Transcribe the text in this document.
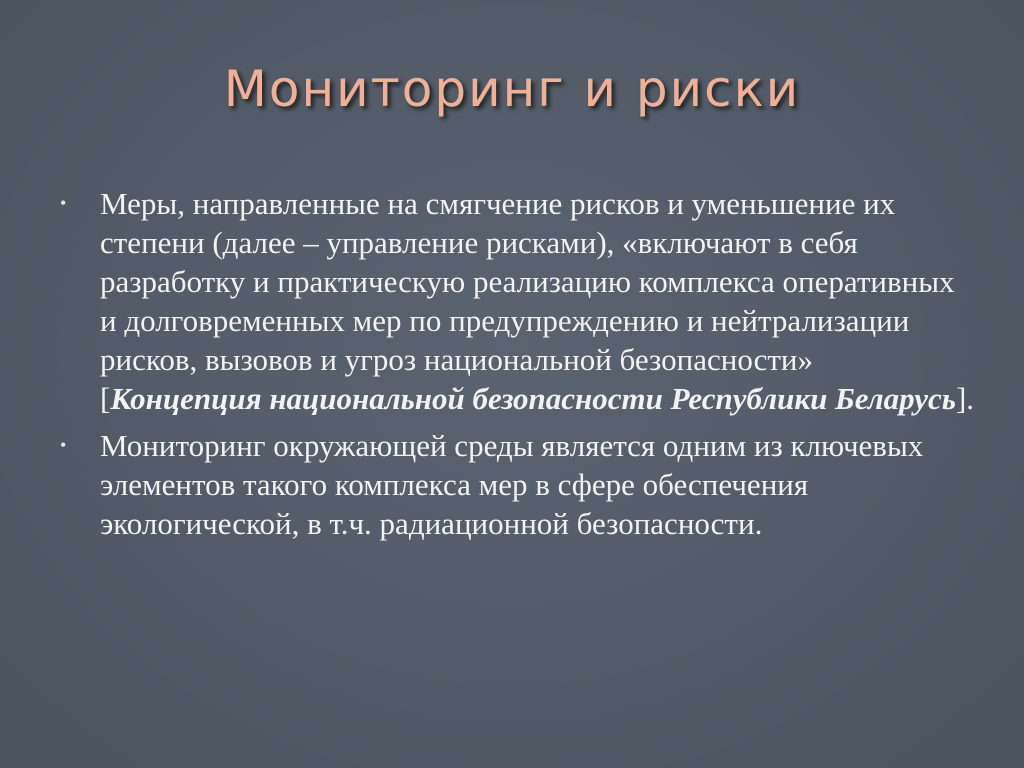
Мониторинг и риски
• Меры, направленные на смягчение рисков и уменьшение их степени (далее – управление рисками), «включают в себя разработку и практическую реализацию комплекса оперативных и долговременных мер по предупреждению и нейтрализации рисков, вызовов и угроз национальной безопасности» [Концепция национальной безопасности Республики Беларусь].
• Мониторинг окружающей среды является одним из ключевых элементов такого комплекса мер в сфере обеспечения экологической, в т.ч. радиационной безопасности.
